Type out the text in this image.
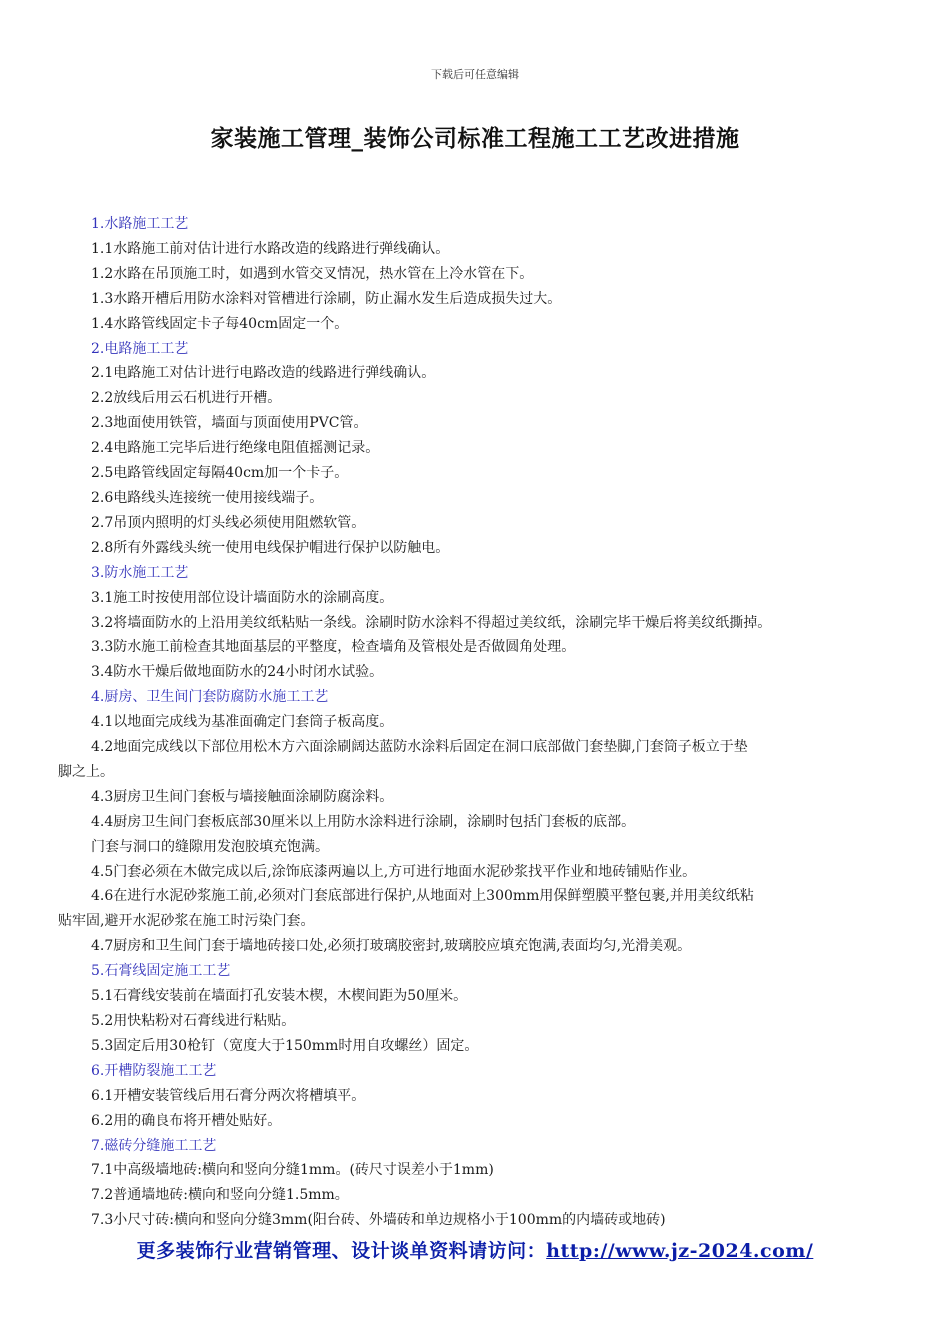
下载后可任意编辑
家装施工管理_装饰公司标准工程施工工艺改进措施
1.水路施工工艺
1.1水路施工前对估计进行水路改造的线路进行弹线确认。
1.2水路在吊顶施工时，如遇到水管交叉情况，热水管在上冷水管在下。
1.3水路开槽后用防水涂料对管槽进行涂刷，防止漏水发生后造成损失过大。
1.4水路管线固定卡子每40cm固定一个。
2.电路施工工艺
2.1电路施工对估计进行电路改造的线路进行弹线确认。
2.2放线后用云石机进行开槽。
2.3地面使用铁管，墙面与顶面使用PVC管。
2.4电路施工完毕后进行绝缘电阻值摇测记录。
2.5电路管线固定每隔40cm加一个卡子。
2.6电路线头连接统一使用接线端子。
2.7吊顶内照明的灯头线必须使用阻燃软管。
2.8所有外露线头统一使用电线保护帽进行保护以防触电。
3.防水施工工艺
3.1施工时按使用部位设计墙面防水的涂刷高度。
3.2将墙面防水的上沿用美纹纸粘贴一条线。涂刷时防水涂料不得超过美纹纸，涂刷完毕干燥后将美纹纸撕掉。
3.3防水施工前检查其地面基层的平整度，检查墙角及管根处是否做圆角处理。
3.4防水干燥后做地面防水的24小时闭水试验。
4.厨房、卫生间门套防腐防水施工工艺
4.1以地面完成线为基准面确定门套筒子板高度。
4.2地面完成线以下部位用松木方六面涂刷阔达蓝防水涂料后固定在洞口底部做门套垫脚,门套筒子板立于垫
脚之上。
4.3厨房卫生间门套板与墙接触面涂刷防腐涂料。
4.4厨房卫生间门套板底部30厘米以上用防水涂料进行涂刷，涂刷时包括门套板的底部。
门套与洞口的缝隙用发泡胶填充饱满。
4.5门套必须在木做完成以后,涂饰底漆两遍以上,方可进行地面水泥砂浆找平作业和地砖铺贴作业。
4.6在进行水泥砂浆施工前,必须对门套底部进行保护,从地面对上300mm用保鲜塑膜平整包裹,并用美纹纸粘
贴牢固,避开水泥砂浆在施工时污染门套。
4.7厨房和卫生间门套于墙地砖接口处,必须打玻璃胶密封,玻璃胶应填充饱满,表面均匀,光滑美观。
5.石膏线固定施工工艺
5.1石膏线安装前在墙面打孔安装木楔，木楔间距为50厘米。
5.2用快粘粉对石膏线进行粘贴。
5.3固定后用30枪钉（宽度大于150mm时用自攻螺丝）固定。
6.开槽防裂施工工艺
6.1开槽安装管线后用石膏分两次将槽填平。
6.2用的确良布将开槽处贴好。
7.磁砖分缝施工工艺
7.1中高级墙地砖:横向和竖向分缝1mm。(砖尺寸误差小于1mm)
7.2普通墙地砖:横向和竖向分缝1.5mm。
7.3小尺寸砖:横向和竖向分缝3mm(阳台砖、外墙砖和单边规格小于100mm的内墙砖或地砖)
更多装饰行业营销管理、设计谈单资料请访问：http://www.jz-2024.com/
